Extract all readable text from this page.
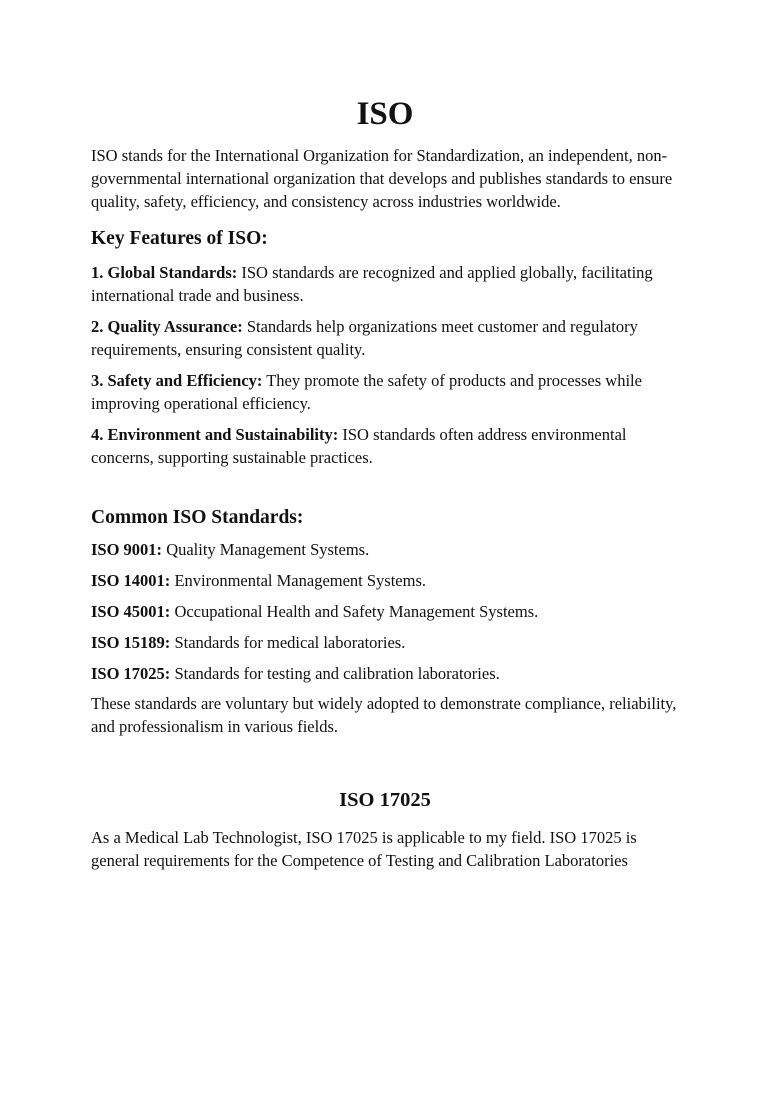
ISO

ISO stands for the International Organization for Standardization, an independent, non-governmental international organization that develops and publishes standards to ensure quality, safety, efficiency, and consistency across industries worldwide.

Key Features of ISO:

1. Global Standards: ISO standards are recognized and applied globally, facilitating international trade and business.

2. Quality Assurance: Standards help organizations meet customer and regulatory requirements, ensuring consistent quality.

3. Safety and Efficiency: They promote the safety of products and processes while improving operational efficiency.

4. Environment and Sustainability: ISO standards often address environmental concerns, supporting sustainable practices.

Common ISO Standards:

ISO 9001: Quality Management Systems.

ISO 14001: Environmental Management Systems.

ISO 45001: Occupational Health and Safety Management Systems.

ISO 15189: Standards for medical laboratories.

ISO 17025: Standards for testing and calibration laboratories.

These standards are voluntary but widely adopted to demonstrate compliance, reliability, and professionalism in various fields.

ISO 17025

As a Medical Lab Technologist, ISO 17025 is applicable to my field. ISO 17025 is general requirements for the Competence of Testing and Calibration Laboratories
